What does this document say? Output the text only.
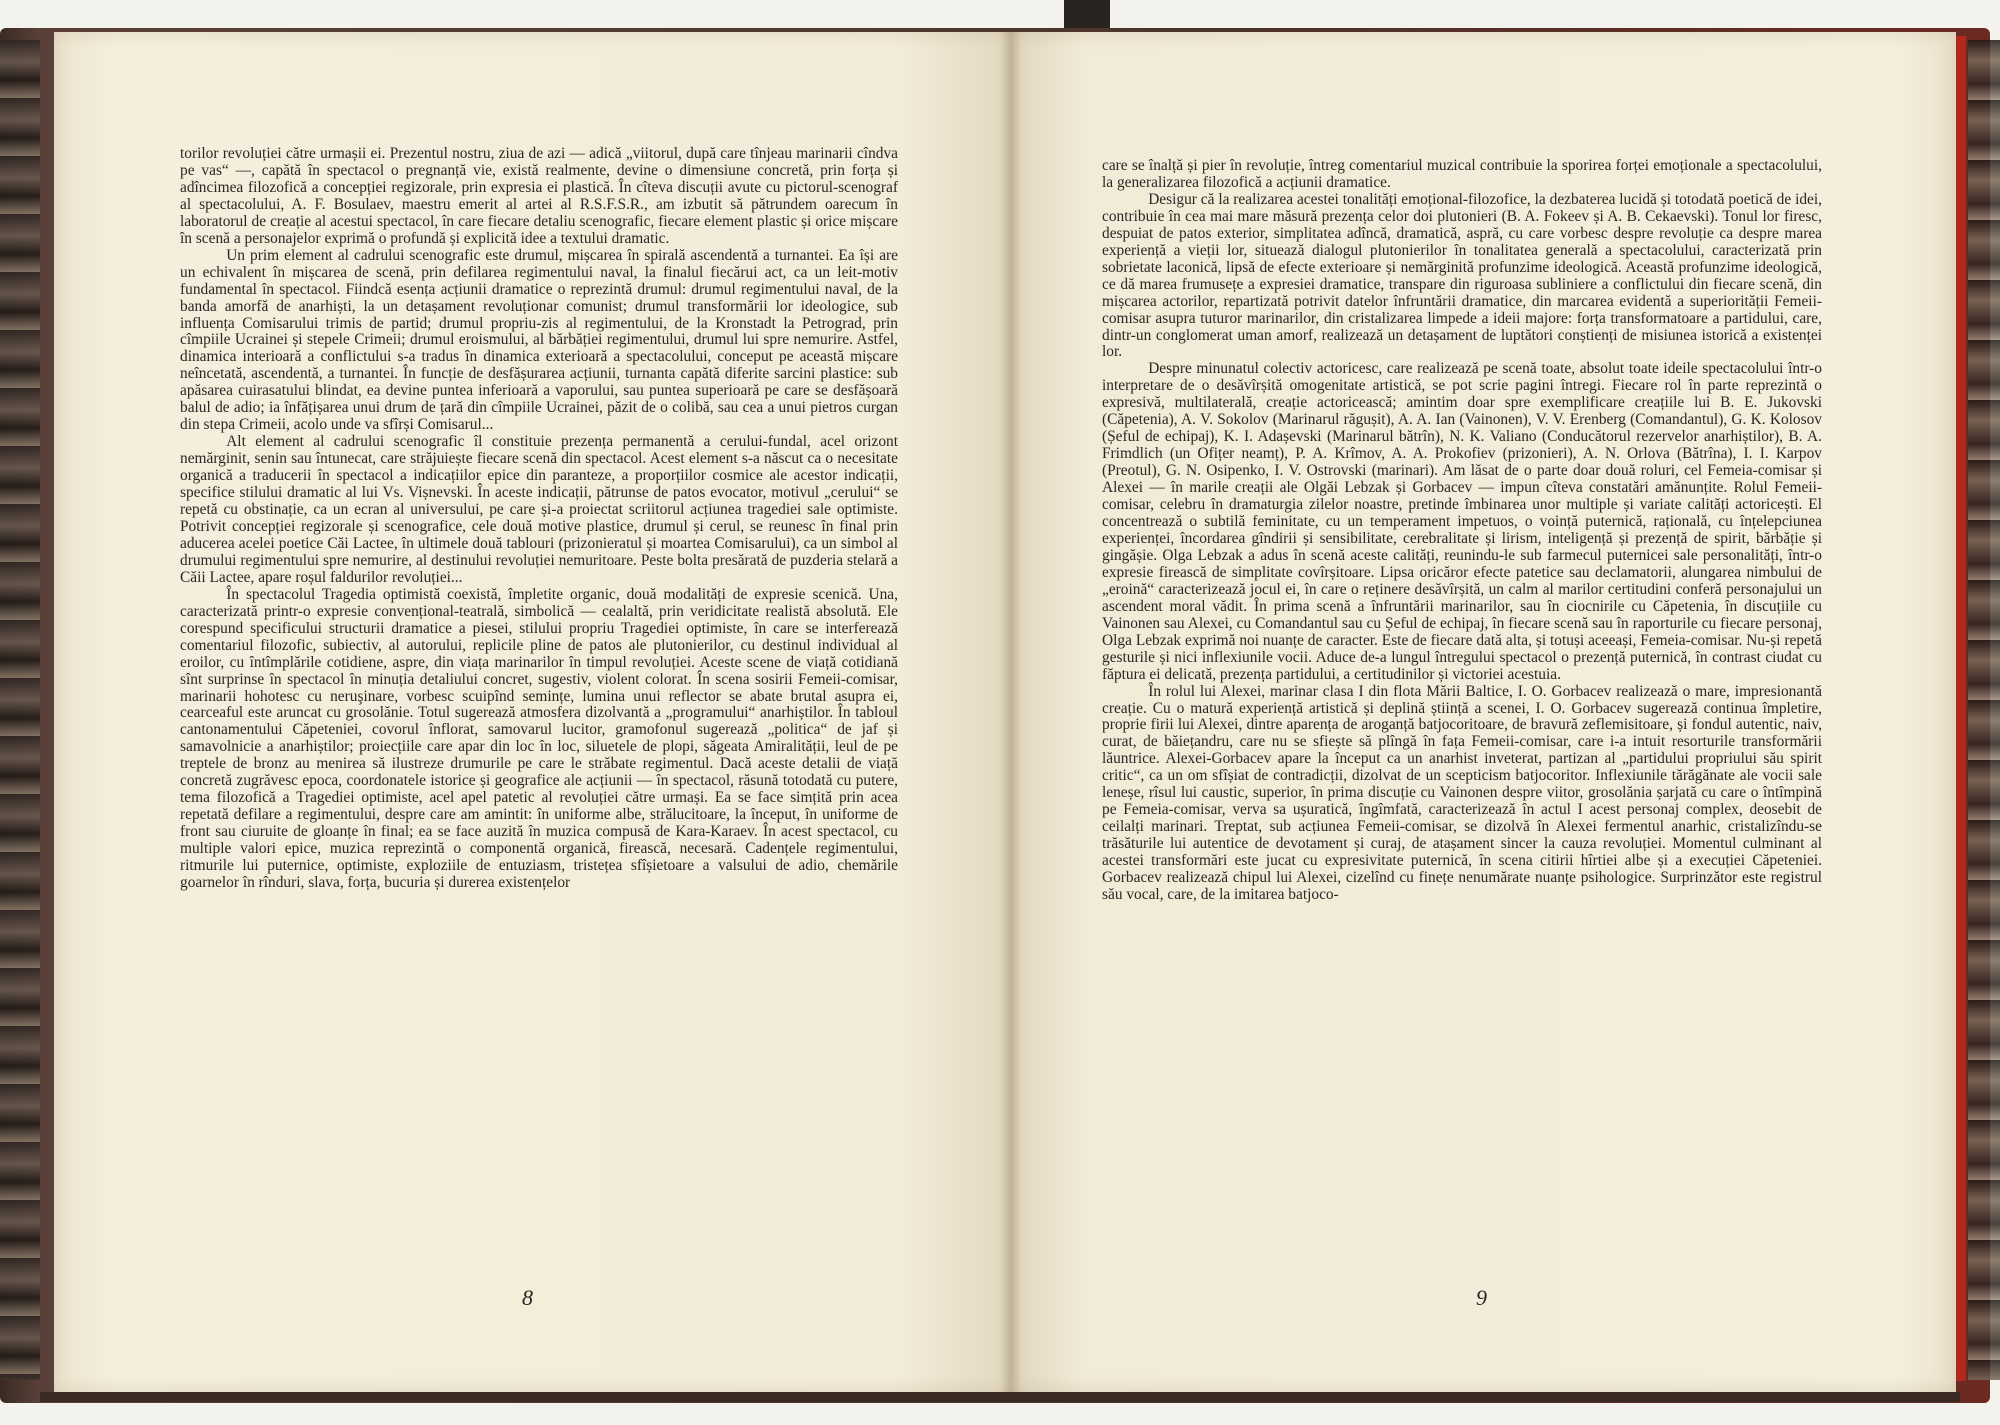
torilor revoluției către urmașii ei. Prezentul nostru, ziua de azi — adică „viitorul, după care tînjeau marinarii cîndva pe vas“ —, capătă în spectacol o pregnanță vie, există realmente, devine o dimensiune concretă, prin forța și adîncimea filozofică a concepției regizorale, prin expresia ei plastică. În cîteva discuții avute cu pictorul-scenograf al spectacolului, A. F. Bosulaev, maestru emerit al artei al R.S.F.S.R., am izbutit să pătrundem oarecum în laboratorul de creație al acestui spectacol, în care fiecare detaliu scenografic, fiecare element plastic și orice mișcare în scenă a personajelor exprimă o profundă și explicită idee a textului dramatic.

Un prim element al cadrului scenografic este drumul, mișcarea în spirală ascendentă a turnantei. Ea își are un echivalent în mișcarea de scenă, prin defilarea regimentului naval, la finalul fiecărui act, ca un leit-motiv fundamental în spectacol. Fiindcă esența acțiunii dramatice o reprezintă drumul: drumul regimentului naval, de la banda amorfă de anarhiști, la un detașament revoluționar comunist; drumul transformării lor ideologice, sub influența Comisarului trimis de partid; drumul propriu-zis al regimentului, de la Kronstadt la Petrograd, prin cîmpiile Ucrainei și stepele Crimeii; drumul eroismului, al bărbăției regimentului, drumul lui spre nemurire. Astfel, dinamica interioară a conflictului s-a tradus în dinamica exterioară a spectacolului, conceput pe această mișcare neîncetată, ascendentă, a turnantei. În funcție de desfășurarea acțiunii, turnanta capătă diferite sarcini plastice: sub apăsarea cuirasatului blindat, ea devine puntea inferioară a vaporului, sau puntea superioară pe care se desfășoară balul de adio; ia înfățișarea unui drum de țară din cîmpiile Ucrainei, păzit de o colibă, sau cea a unui pietros curgan din stepa Crimeii, acolo unde va sfîrși Comisarul...

Alt element al cadrului scenografic îl constituie prezența permanentă a cerului-fundal, acel orizont nemărginit, senin sau întunecat, care străjuiește fiecare scenă din spectacol. Acest element s-a născut ca o necesitate organică a traducerii în spectacol a indicațiilor epice din paranteze, a proporțiilor cosmice ale acestor indicații, specifice stilului dramatic al lui Vs. Vișnevski. În aceste indicații, pătrunse de patos evocator, motivul „cerului“ se repetă cu obstinație, ca un ecran al universului, pe care și-a proiectat scriitorul acțiunea tragediei sale optimiste. Potrivit concepției regizorale și scenografice, cele două motive plastice, drumul și cerul, se reunesc în final prin aducerea acelei poetice Căi Lactee, în ultimele două tablouri (prizonieratul și moartea Comisarului), ca un simbol al drumului regimentului spre nemurire, al destinului revoluției nemuritoare. Peste bolta presărată de puzderia stelară a Căii Lactee, apare roșul faldurilor revoluției...

În spectacolul Tragedia optimistă coexistă, împletite organic, două modalități de expresie scenică. Una, caracterizată printr-o expresie convențional-teatrală, simbolică — cealaltă, prin veridicitate realistă absolută. Ele corespund specificului structurii dramatice a piesei, stilului propriu Tragediei optimiste, în care se interferează comentariul filozofic, subiectiv, al autorului, replicile pline de patos ale plutonierilor, cu destinul individual al eroilor, cu întîmplările cotidiene, aspre, din viața marinarilor în timpul revoluției. Aceste scene de viață cotidiană sînt surprinse în spectacol în minuția detaliului concret, sugestiv, violent colorat. În scena sosirii Femeii-comisar, marinarii hohotesc cu neruşinare, vorbesc scuipînd semințe, lumina unui reflector se abate brutal asupra ei, cearceaful este aruncat cu grosolănie. Totul sugerează atmosfera dizolvantă a „programului“ anarhiștilor. În tabloul cantonamentului Căpeteniei, covorul înflorat, samovarul lucitor, gramofonul sugerează „politica“ de jaf și samavolnicie a anarhiștilor; proiecțiile care apar din loc în loc, siluetele de plopi, săgeata Amiralității, leul de pe treptele de bronz au menirea să ilustreze drumurile pe care le străbate regimentul. Dacă aceste detalii de viață concretă zugrăvesc epoca, coordonatele istorice și geografice ale acțiunii — în spectacol, răsună totodată cu putere, tema filozofică a Tragediei optimiste, acel apel patetic al revoluției către urmași. Ea se face simțită prin acea repetată defilare a regimentului, despre care am amintit: în uniforme albe, strălucitoare, la început, în uniforme de front sau ciuruite de gloanțe în final; ea se face auzită în muzica compusă de Kara-Karaev. În acest spectacol, cu multiple valori epice, muzica reprezintă o componentă organică, firească, necesară. Cadențele regimentului, ritmurile lui puternice, optimiste, exploziile de entuziasm, tristețea sfîșietoare a valsului de adio, chemările goarnelor în rînduri, slava, forța, bucuria și durerea existențelor

care se înalță și pier în revoluție, întreg comentariul muzical contribuie la sporirea forței emoționale a spectacolului, la generalizarea filozofică a acțiunii dramatice.

Desigur că la realizarea acestei tonalități emoțional-filozofice, la dezbaterea lucidă și totodată poetică de idei, contribuie în cea mai mare măsură prezența celor doi plutonieri (B. A. Fokeev și A. B. Cekaevski). Tonul lor firesc, despuiat de patos exterior, simplitatea adîncă, dramatică, aspră, cu care vorbesc despre revoluție ca despre marea experiență a vieții lor, situează dialogul plutonierilor în tonalitatea generală a spectacolului, caracterizată prin sobrietate laconică, lipsă de efecte exterioare și nemărginită profunzime ideologică. Această profunzime ideologică, ce dă marea frumusețe a expresiei dramatice, transpare din riguroasa subliniere a conflictului din fiecare scenă, din mișcarea actorilor, repartizată potrivit datelor înfruntării dramatice, din marcarea evidentă a superiorității Femeii-comisar asupra tuturor marinarilor, din cristalizarea limpede a ideii majore: forța transformatoare a partidului, care, dintr-un conglomerat uman amorf, realizează un detașament de luptători conștienți de misiunea istorică a existenței lor.

Despre minunatul colectiv actoricesc, care realizează pe scenă toate, absolut toate ideile spectacolului într-o interpretare de o desăvîrșită omogenitate artistică, se pot scrie pagini întregi. Fiecare rol în parte reprezintă o expresivă, multilaterală, creație actoricească; amintim doar spre exemplificare creațiile lui B. E. Jukovski (Căpetenia), A. V. Sokolov (Marinarul răgușit), A. A. Ian (Vainonen), V. V. Erenberg (Comandantul), G. K. Kolosov (Șeful de echipaj), K. I. Adașevski (Marinarul bătrîn), N. K. Valiano (Conducătorul rezervelor anarhiștilor), B. A. Frimdlich (un Ofițer neamț), P. A. Krîmov, A. A. Prokofiev (prizonieri), A. N. Orlova (Bătrîna), I. I. Karpov (Preotul), G. N. Osipenko, I. V. Ostrovski (marinari). Am lăsat de o parte doar două roluri, cel Femeia-comisar și Alexei — în marile creații ale Olgăi Lebzak și Gorbacev — impun cîteva constatări amănunțite. Rolul Femeii-comisar, celebru în dramaturgia zilelor noastre, pretinde îmbinarea unor multiple și variate calități actoricești. El concentrează o subtilă feminitate, cu un temperament impetuos, o voință puternică, rațională, cu înțelepciunea experienței, încordarea gîndirii și sensibilitate, cerebralitate și lirism, inteligență și prezență de spirit, bărbăție și gingășie. Olga Lebzak a adus în scenă aceste calități, reunindu-le sub farmecul puternicei sale personalități, într-o expresie firească de simplitate covîrșitoare. Lipsa oricăror efecte patetice sau declamatorii, alungarea nimbului de „eroină“ caracterizează jocul ei, în care o reținere desăvîrșită, un calm al marilor certitudini conferă personajului un ascendent moral vădit. În prima scenă a înfruntării marinarilor, sau în ciocnirile cu Căpetenia, în discuțiile cu Vainonen sau Alexei, cu Comandantul sau cu Șeful de echipaj, în fiecare scenă sau în raporturile cu fiecare personaj, Olga Lebzak exprimă noi nuanțe de caracter. Este de fiecare dată alta, și totuși aceeași, Femeia-comisar. Nu-și repetă gesturile și nici inflexiunile vocii. Aduce de-a lungul întregului spectacol o prezență puternică, în contrast ciudat cu făptura ei delicată, prezența partidului, a certitudinilor și victoriei acestuia.

În rolul lui Alexei, marinar clasa I din flota Mării Baltice, I. O. Gorbacev realizează o mare, impresionantă creație. Cu o matură experiență artistică și deplină știință a scenei, I. O. Gorbacev sugerează continua împletire, proprie firii lui Alexei, dintre aparența de aroganță batjocoritoare, de bravură zeflemisitoare, și fondul autentic, naiv, curat, de băiețandru, care nu se sfiește să plîngă în fața Femeii-comisar, care i-a intuit resorturile transformării lăuntrice. Alexei-Gorbacev apare la început ca un anarhist inveterat, partizan al „partidului propriului său spirit critic“, ca un om sfîșiat de contradicții, dizolvat de un scepticism batjocoritor. Inflexiunile tărăgănate ale vocii sale leneșe, rîsul lui caustic, superior, în prima discuție cu Vainonen despre viitor, grosolănia șarjată cu care o întîmpină pe Femeia-comisar, verva sa ușuratică, îngîmfată, caracterizează în actul I acest personaj complex, deosebit de ceilalți marinari. Treptat, sub acțiunea Femeii-comisar, se dizolvă în Alexei fermentul anarhic, cristalizîndu-se trăsăturile lui autentice de devotament și curaj, de atașament sincer la cauza revoluției. Momentul culminant al acestei transformări este jucat cu expresivitate puternică, în scena citirii hîrtiei albe și a execuției Căpeteniei. Gorbacev realizează chipul lui Alexei, cizelînd cu finețe nenumărate nuanțe psihologice. Surprinzător este registrul său vocal, care, de la imitarea batjoco-

8	9
